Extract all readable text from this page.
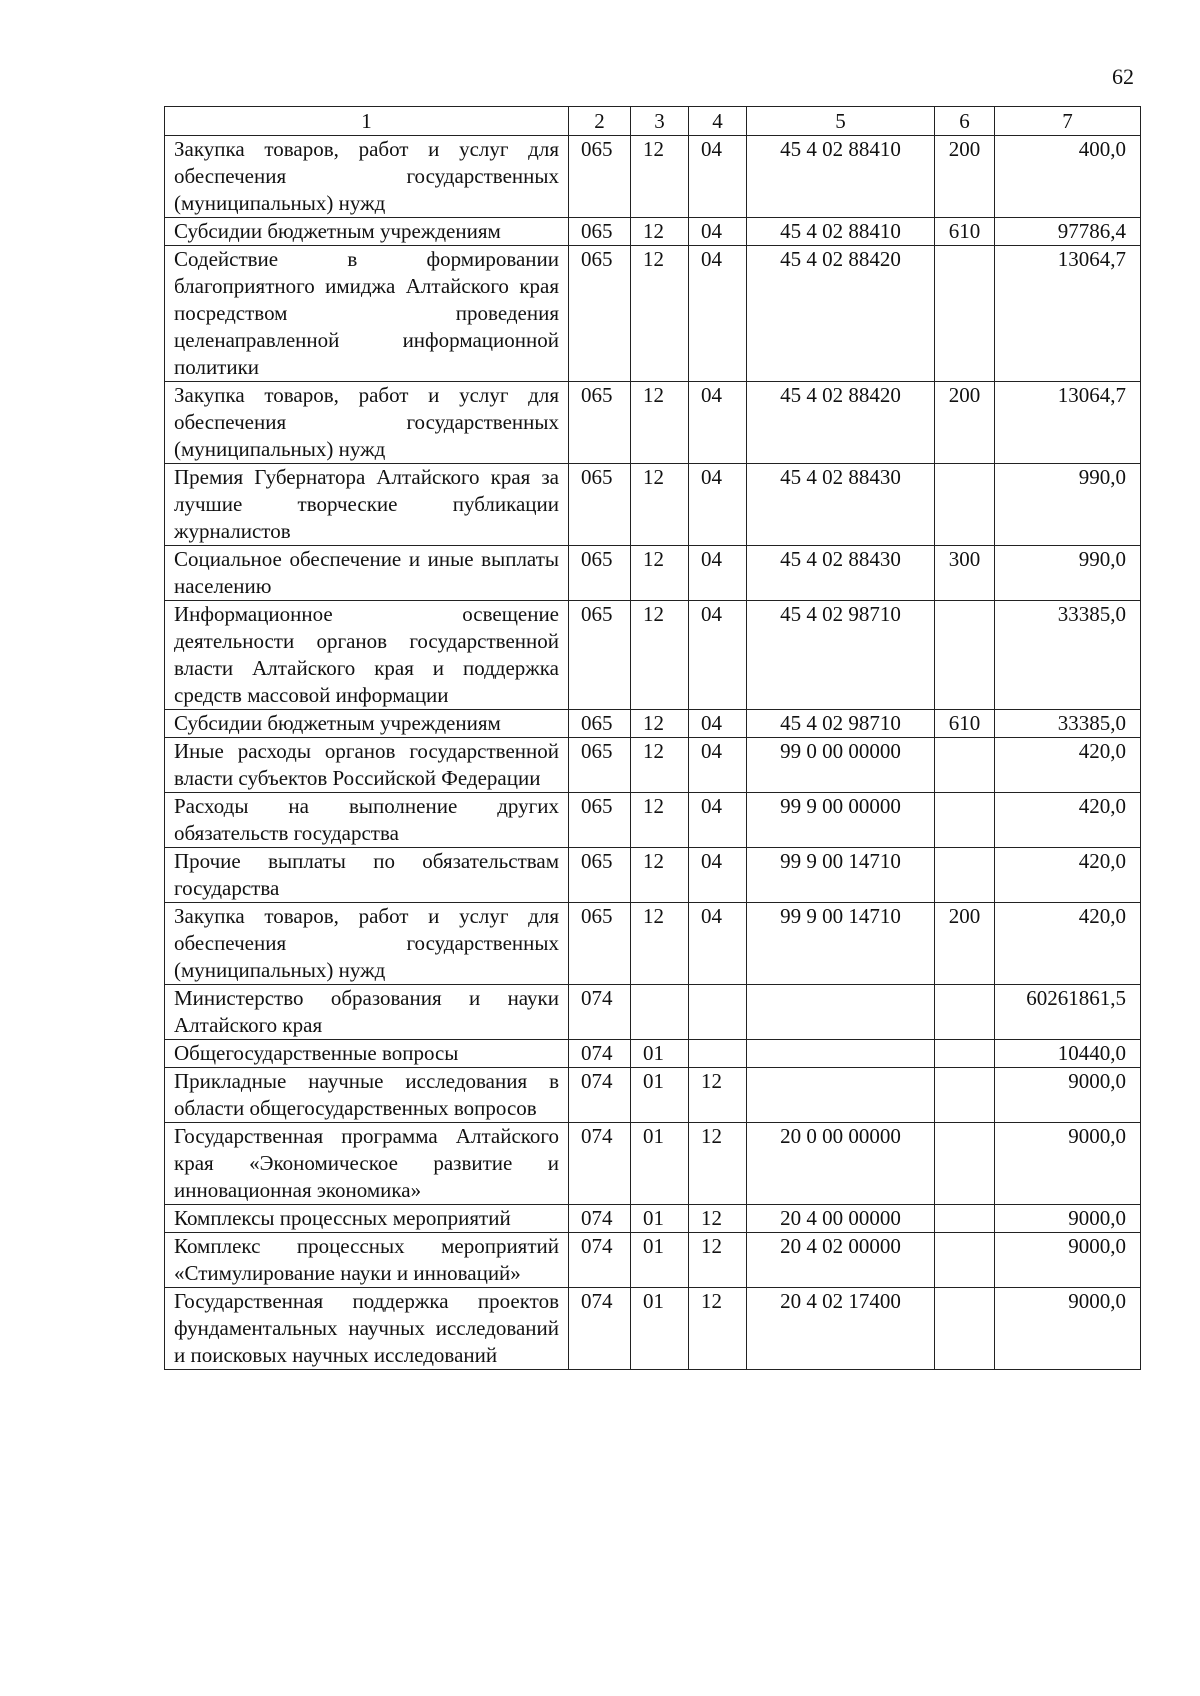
62
1	2	3	4	5	6	7
Закупка товаров, работ и услуг для обеспечения государственных (муниципальных) нужд	065	12	04	45 4 02 88410	200	400,0
Субсидии бюджетным учреждениям	065	12	04	45 4 02 88410	610	97786,4
Содействие в формировании благоприятного имиджа Алтайского края посредством проведения целенаправленной информационной политики	065	12	04	45 4 02 88420		13064,7
Закупка товаров, работ и услуг для обеспечения государственных (муниципальных) нужд	065	12	04	45 4 02 88420	200	13064,7
Премия Губернатора Алтайского края за лучшие творческие публикации журналистов	065	12	04	45 4 02 88430		990,0
Социальное обеспечение и иные выплаты населению	065	12	04	45 4 02 88430	300	990,0
Информационное освещение деятельности органов государственной власти Алтайского края и поддержка средств массовой информации	065	12	04	45 4 02 98710		33385,0
Субсидии бюджетным учреждениям	065	12	04	45 4 02 98710	610	33385,0
Иные расходы органов государственной власти субъектов Российской Федерации	065	12	04	99 0 00 00000		420,0
Расходы на выполнение других обязательств государства	065	12	04	99 9 00 00000		420,0
Прочие выплаты по обязательствам государства	065	12	04	99 9 00 14710		420,0
Закупка товаров, работ и услуг для обеспечения государственных (муниципальных) нужд	065	12	04	99 9 00 14710	200	420,0
Министерство образования и науки Алтайского края	074					60261861,5
Общегосударственные вопросы	074	01				10440,0
Прикладные научные исследования в области общегосударственных вопросов	074	01	12			9000,0
Государственная программа Алтайского края «Экономическое развитие и инновационная экономика»	074	01	12	20 0 00 00000		9000,0
Комплексы процессных мероприятий	074	01	12	20 4 00 00000		9000,0
Комплекс процессных мероприятий «Стимулирование науки и инноваций»	074	01	12	20 4 02 00000		9000,0
Государственная поддержка проектов фундаментальных научных исследований и поисковых научных исследований	074	01	12	20 4 02 17400		9000,0
